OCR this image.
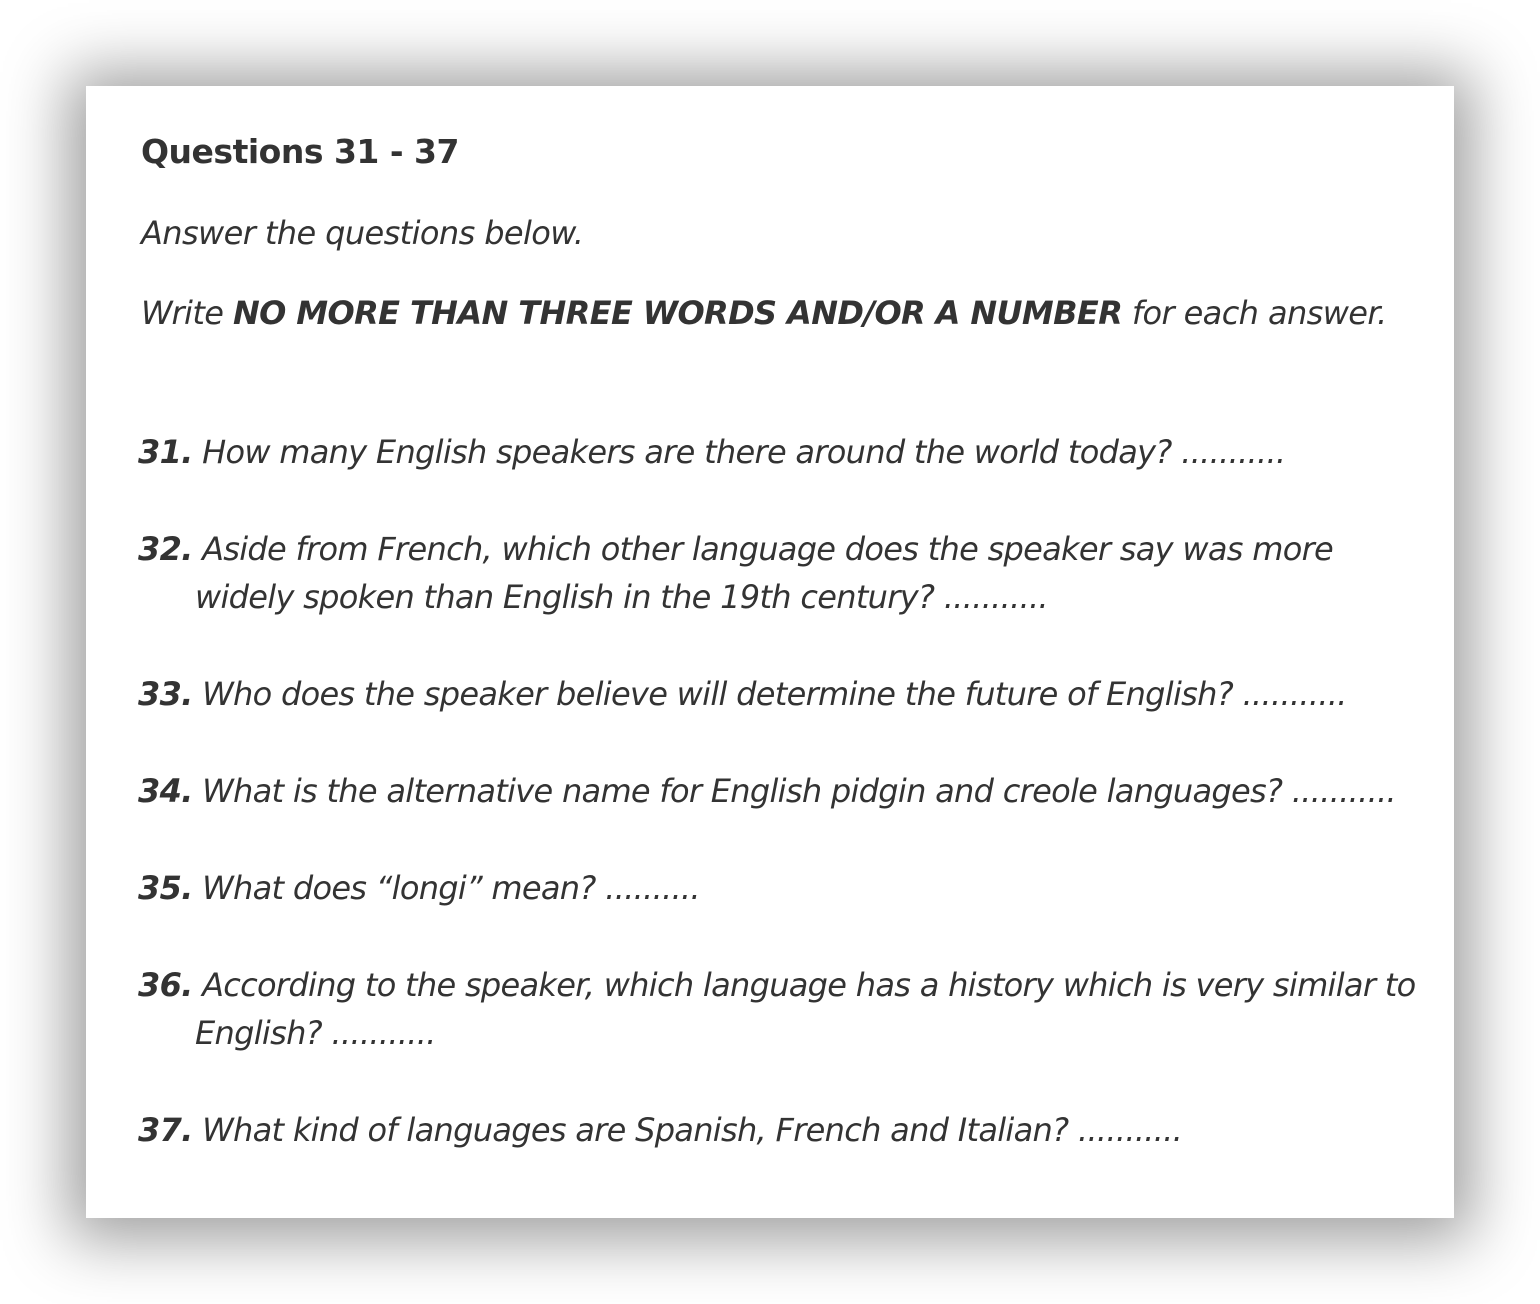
Questions 31 - 37
Answer the questions below.
Write NO MORE THAN THREE WORDS AND/OR A NUMBER for each answer.
31. How many English speakers are there around the world today? ...........
32. Aside from French, which other language does the speaker say was more widely spoken than English in the 19th century? ...........
33. Who does the speaker believe will determine the future of English? ...........
34. What is the alternative name for English pidgin and creole languages? ...........
35. What does “longi” mean? ..........
36. According to the speaker, which language has a history which is very similar to English? ...........
37. What kind of languages are Spanish, French and Italian? ...........
